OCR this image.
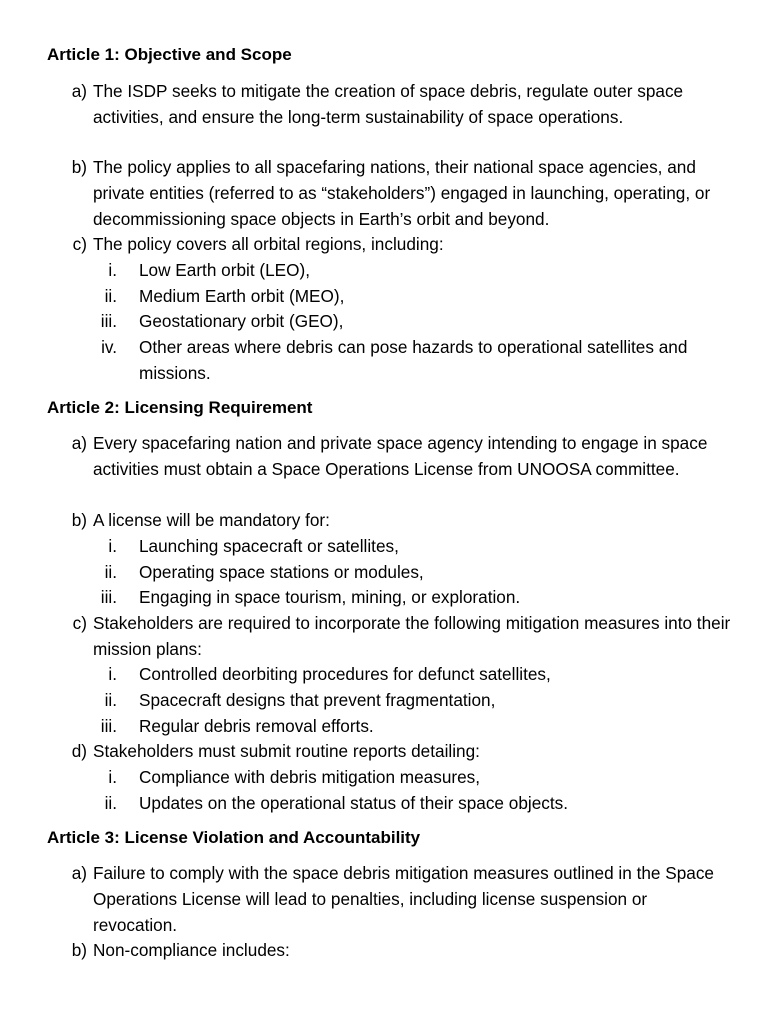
Article 1: Objective and Scope
a) The ISDP seeks to mitigate the creation of space debris, regulate outer space activities, and ensure the long-term sustainability of space operations.
b) The policy applies to all spacefaring nations, their national space agencies, and private entities (referred to as “stakeholders”) engaged in launching, operating, or decommissioning space objects in Earth’s orbit and beyond.
c) The policy covers all orbital regions, including:
i. Low Earth orbit (LEO),
ii. Medium Earth orbit (MEO),
iii. Geostationary orbit (GEO),
iv. Other areas where debris can pose hazards to operational satellites and missions.
Article 2: Licensing Requirement
a) Every spacefaring nation and private space agency intending to engage in space activities must obtain a Space Operations License from UNOOSA committee.
b) A license will be mandatory for:
i. Launching spacecraft or satellites,
ii. Operating space stations or modules,
iii. Engaging in space tourism, mining, or exploration.
c) Stakeholders are required to incorporate the following mitigation measures into their mission plans:
i. Controlled deorbiting procedures for defunct satellites,
ii. Spacecraft designs that prevent fragmentation,
iii. Regular debris removal efforts.
d) Stakeholders must submit routine reports detailing:
i. Compliance with debris mitigation measures,
ii. Updates on the operational status of their space objects.
Article 3: License Violation and Accountability
a) Failure to comply with the space debris mitigation measures outlined in the Space Operations License will lead to penalties, including license suspension or revocation.
b) Non-compliance includes:
